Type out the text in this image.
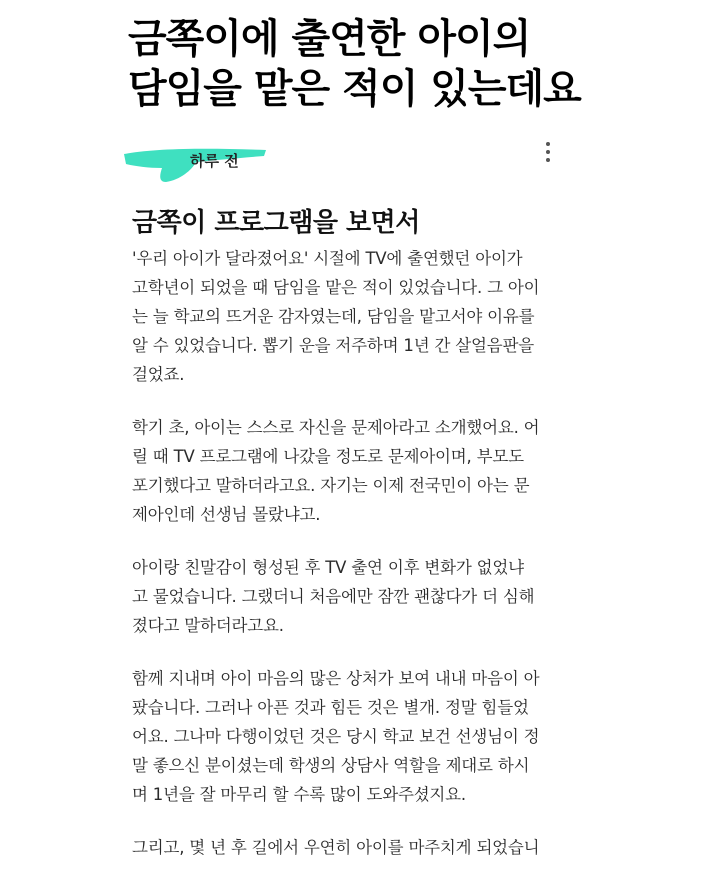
금쪽이에 출연한 아이의
담임을 맡은 적이 있는데요
하루 전
금쪽이 프로그램을 보면서
'우리 아이가 달라졌어요' 시절에 TV에 출연했던 아이가
고학년이 되었을 때 담임을 맡은 적이 있었습니다. 그 아이
는 늘 학교의 뜨거운 감자였는데, 담임을 맡고서야 이유를
알 수 있었습니다. 뽑기 운을 저주하며 1년 간 살얼음판을
걸었죠.
학기 초, 아이는 스스로 자신을 문제아라고 소개했어요. 어
릴 때 TV 프로그램에 나갔을 정도로 문제아이며, 부모도
포기했다고 말하더라고요. 자기는 이제 전국민이 아는 문
제아인데 선생님 몰랐냐고.
아이랑 친말감이 형성된 후 TV 출연 이후 변화가 없었냐
고 물었습니다. 그랬더니 처음에만 잠깐 괜찮다가 더 심해
졌다고 말하더라고요.
함께 지내며 아이 마음의 많은 상처가 보여 내내 마음이 아
팠습니다. 그러나 아픈 것과 힘든 것은 별개. 정말 힘들었
어요. 그나마 다행이었던 것은 당시 학교 보건 선생님이 정
말 좋으신 분이셨는데 학생의 상담사 역할을 제대로 하시
며 1년을 잘 마무리 할 수록 많이 도와주셨지요.
그리고, 몇 년 후 길에서 우연히 아이를 마주치게 되었습니
